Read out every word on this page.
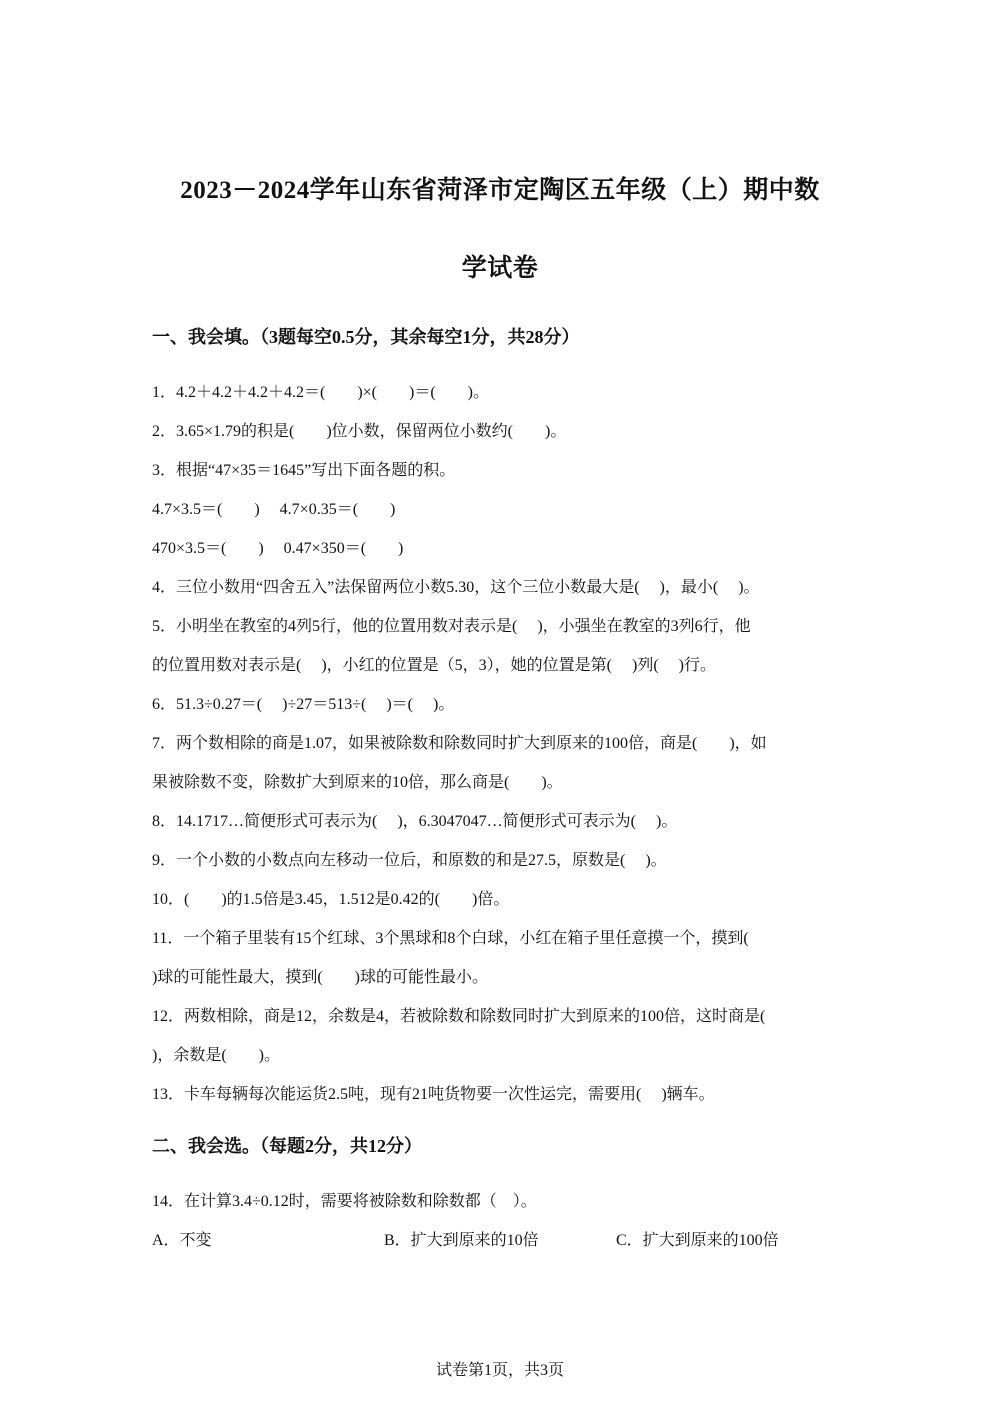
2023－2024学年山东省菏泽市定陶区五年级（上）期中数
学试卷
一、我会填。（3题每空0.5分，其余每空1分，共28分）
1．4.2＋4.2＋4.2＋4.2＝(　　)×(　　)＝(　　)。
2．3.65×1.79的积是(　　)位小数，保留两位小数约(　　)。
3．根据“47×35＝1645”写出下面各题的积。
4.7×3.5＝(　　)　 4.7×0.35＝(　　)
470×3.5＝(　　)　 0.47×350＝(　　)
4．三位小数用“四舍五入”法保留两位小数5.30，这个三位小数最大是(　 )，最小(　 )。
5．小明坐在教室的4列5行，他的位置用数对表示是(　 )，小强坐在教室的3列6行，他
的位置用数对表示是(　 )，小红的位置是（5，3），她的位置是第(　 )列(　 )行。
6．51.3÷0.27＝(　 )÷27＝513÷(　 )＝(　 )。
7．两个数相除的商是1.07，如果被除数和除数同时扩大到原来的100倍，商是(　　)，如
果被除数不变，除数扩大到原来的10倍，那么商是(　　)。
8．14.1717…简便形式可表示为(　 )，6.3047047…简便形式可表示为(　 )。
9．一个小数的小数点向左移动一位后，和原数的和是27.5，原数是(　 )。
10．(　　)的1.5倍是3.45，1.512是0.42的(　　)倍。
11．一个箱子里装有15个红球、3个黑球和8个白球，小红在箱子里任意摸一个，摸到(
)球的可能性最大，摸到(　　)球的可能性最小。
12．两数相除，商是12，余数是4，若被除数和除数同时扩大到原来的100倍，这时商是(
)，余数是(　　)。
13．卡车每辆每次能运货2.5吨，现有21吨货物要一次性运完，需要用(　 )辆车。
二、我会选。（每题2分，共12分）
14．在计算3.4÷0.12时，需要将被除数和除数都（　）。
A．不变	B．扩大到原来的10倍	C．扩大到原来的100倍
试卷第1页，共3页
